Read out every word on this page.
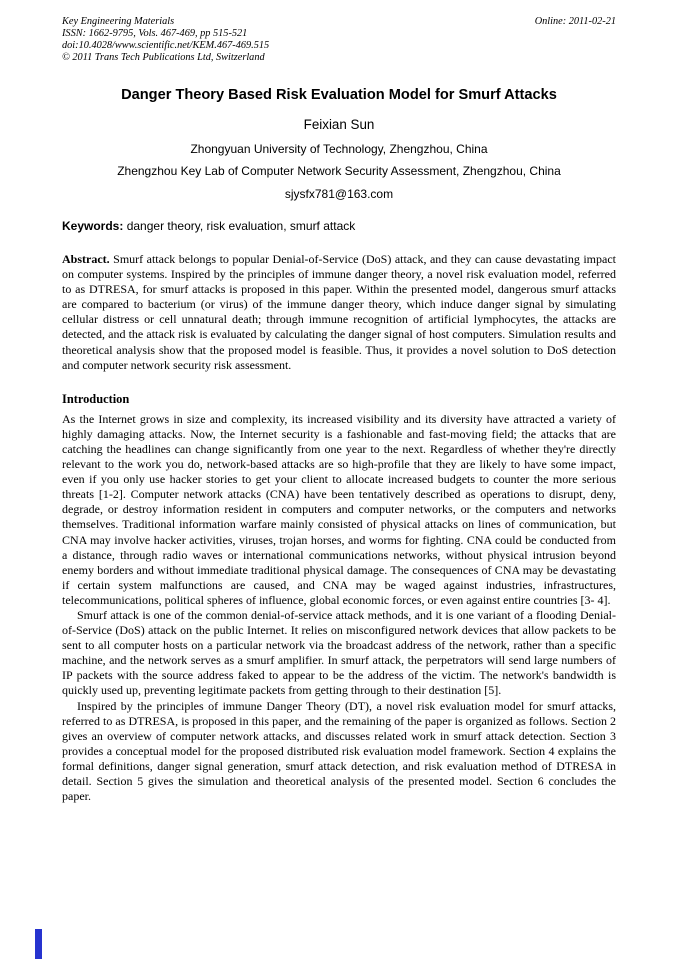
Key Engineering Materials
ISSN: 1662-9795, Vols. 467-469, pp 515-521
doi:10.4028/www.scientific.net/KEM.467-469.515
© 2011 Trans Tech Publications Ltd, Switzerland
Online: 2011-02-21
Danger Theory Based Risk Evaluation Model for Smurf Attacks
Feixian Sun
Zhongyuan University of Technology, Zhengzhou, China
Zhengzhou Key Lab of Computer Network Security Assessment, Zhengzhou, China
sjysfx781@163.com

Keywords: danger theory, risk evaluation, smurf attack

Abstract. Smurf attack belongs to popular Denial-of-Service (DoS) attack, and they can cause devastating impact on computer systems. Inspired by the principles of immune danger theory, a novel risk evaluation model, referred to as DTRESA, for smurf attacks is proposed in this paper. Within the presented model, dangerous smurf attacks are compared to bacterium (or virus) of the immune danger theory, which induce danger signal by simulating cellular distress or cell unnatural death; through immune recognition of artificial lymphocytes, the attacks are detected, and the attack risk is evaluated by calculating the danger signal of host computers. Simulation results and theoretical analysis show that the proposed model is feasible. Thus, it provides a novel solution to DoS detection and computer network security risk assessment.

Introduction

As the Internet grows in size and complexity, its increased visibility and its diversity have attracted a variety of highly damaging attacks. Now, the Internet security is a fashionable and fast-moving field; the attacks that are catching the headlines can change significantly from one year to the next. Regardless of whether they're directly relevant to the work you do, network-based attacks are so high-profile that they are likely to have some impact, even if you only use hacker stories to get your client to allocate increased budgets to counter the more serious threats [1-2]. Computer network attacks (CNA) have been tentatively described as operations to disrupt, deny, degrade, or destroy information resident in computers and computer networks, or the computers and networks themselves. Traditional information warfare mainly consisted of physical attacks on lines of communication, but CNA may involve hacker activities, viruses, trojan horses, and worms for fighting. CNA could be conducted from a distance, through radio waves or international communications networks, without physical intrusion beyond enemy borders and without immediate traditional physical damage. The consequences of CNA may be devastating if certain system malfunctions are caused, and CNA may be waged against industries, infrastructures, telecommunications, political spheres of influence, global economic forces, or even against entire countries [3- 4].

Smurf attack is one of the common denial-of-service attack methods, and it is one variant of a flooding Denial-of-Service (DoS) attack on the public Internet. It relies on misconfigured network devices that allow packets to be sent to all computer hosts on a particular network via the broadcast address of the network, rather than a specific machine, and the network serves as a smurf amplifier. In smurf attack, the perpetrators will send large numbers of IP packets with the source address faked to appear to be the address of the victim. The network's bandwidth is quickly used up, preventing legitimate packets from getting through to their destination [5].

Inspired by the principles of immune Danger Theory (DT), a novel risk evaluation model for smurf attacks, referred to as DTRESA, is proposed in this paper, and the remaining of the paper is organized as follows. Section 2 gives an overview of computer network attacks, and discusses related work in smurf attack detection. Section 3 provides a conceptual model for the proposed distributed risk evaluation model framework. Section 4 explains the formal definitions, danger signal generation, smurf attack detection, and risk evaluation method of DTRESA in detail. Section 5 gives the simulation and theoretical analysis of the presented model. Section 6 concludes the paper.
